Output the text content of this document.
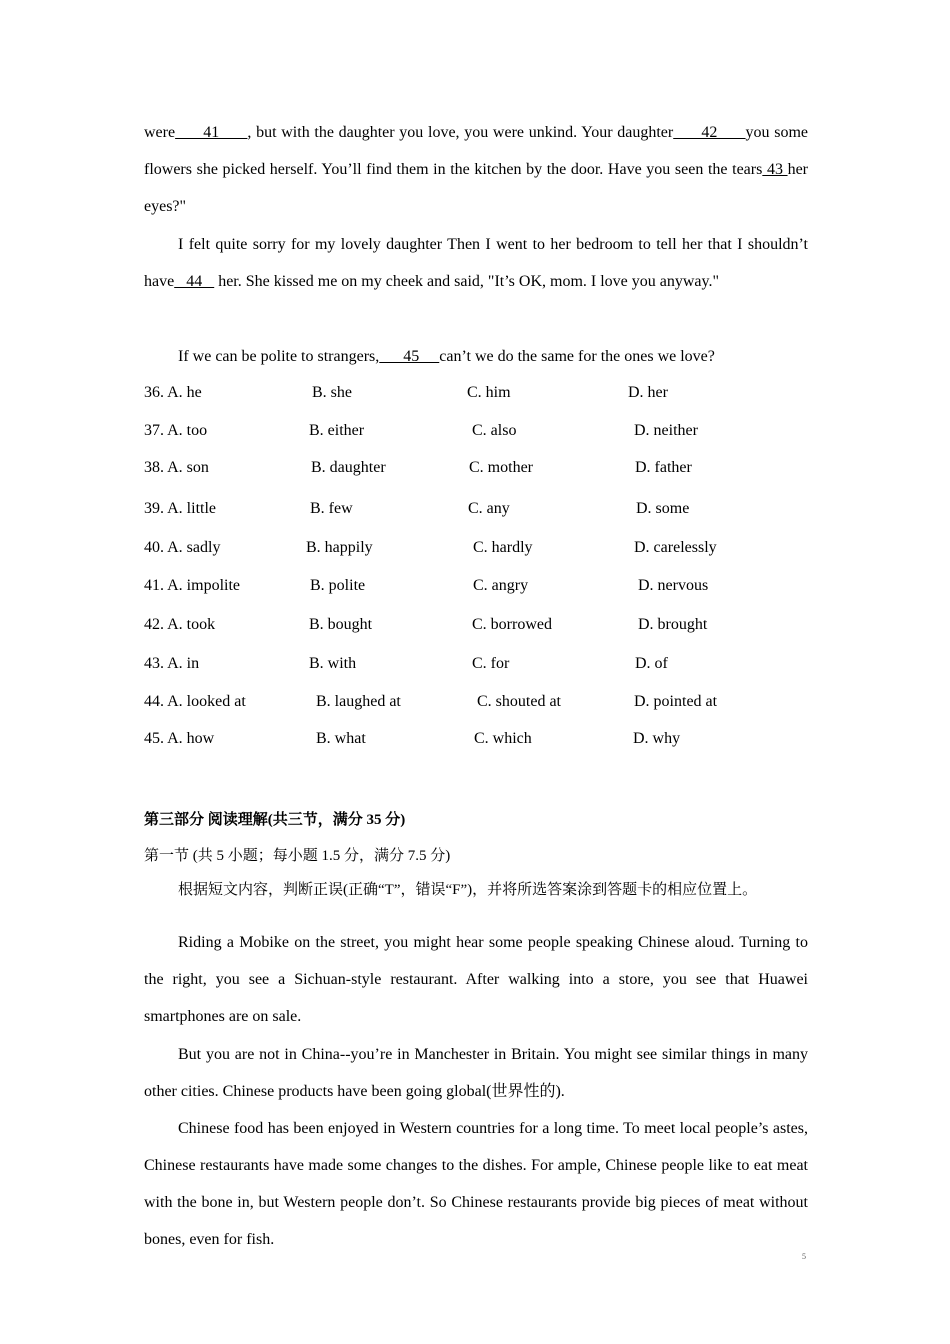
were      41      , but with the daughter you love, you were unkind. Your daughter      42      you some flowers she picked herself. You’ll find them in the kitchen by the door. Have you seen the tears 43 her eyes?"

I felt quite sorry for my lovely daughter Then I went to her bedroom to tell her that I shouldn’t have   44    her. She kissed me on my cheek and said, "It’s OK, mom. I love you anyway."

If we can be polite to strangers,      45     can’t we do the same for the ones we love?

36. A. he	B. she	C. him	D. her
37. A. too	B. either	C. also	D. neither
38. A. son	B. daughter	C. mother	D. father
39. A. little	B. few	C. any	D. some
40. A. sadly	B. happily	C. hardly	D. carelessly
41. A. impolite	B. polite	C. angry	D. nervous
42. A. took	B. bought	C. borrowed	D. brought
43. A. in	B. with	C. for	D. of
44. A. looked at	B. laughed at	C. shouted at	D. pointed at
45. A. how	B. what	C. which	D. why
第三部分 阅读理解(共三节，满分 35 分)
第一节 (共 5 小题；每小题 1.5 分，满分 7.5 分)
根据短文内容，判断正误(正确“T”，错误“F”)，并将所选答案涂到答题卡的相应位置上。

Riding a Mobike on the street, you might hear some people speaking Chinese aloud. Turning to the right, you see a Sichuan-style restaurant. After walking into a store, you see that Huawei smartphones are on sale.

But you are not in China--you’re in Manchester in Britain. You might see similar things in many other cities. Chinese products have been going global(世界性的).

Chinese food has been enjoyed in Western countries for a long time. To meet local people’s astes, Chinese restaurants have made some changes to the dishes. For ample, Chinese people like to eat meat with the bone in, but Western people don’t. So Chinese restaurants provide big pieces of meat without bones, even for fish.

5
